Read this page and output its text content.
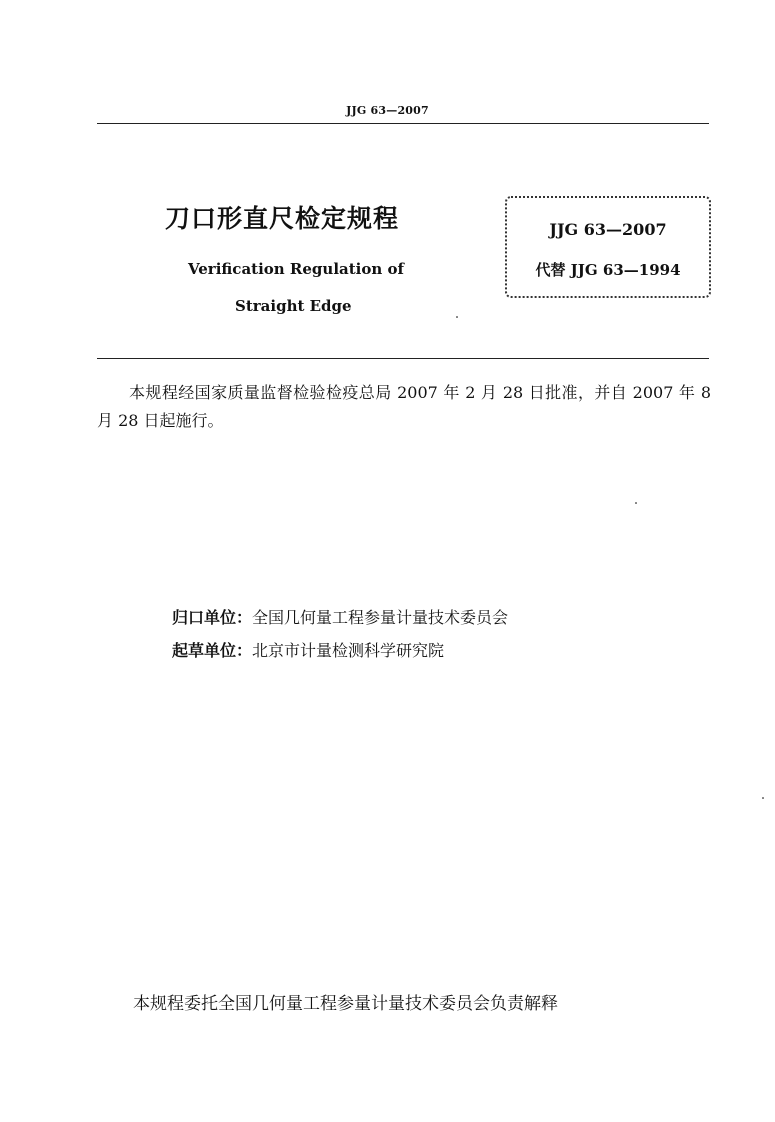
JJG 63—2007
刀口形直尺检定规程
Verification Regulation of
Straight Edge
JJG 63—2007
代替 JJG 63—1994
本规程经国家质量监督检验检疫总局 2007 年 2 月 28 日批准，并自 2007 年 8 月 28 日起施行。
归口单位：全国几何量工程参量计量技术委员会
起草单位：北京市计量检测科学研究院
本规程委托全国几何量工程参量计量技术委员会负责解释
